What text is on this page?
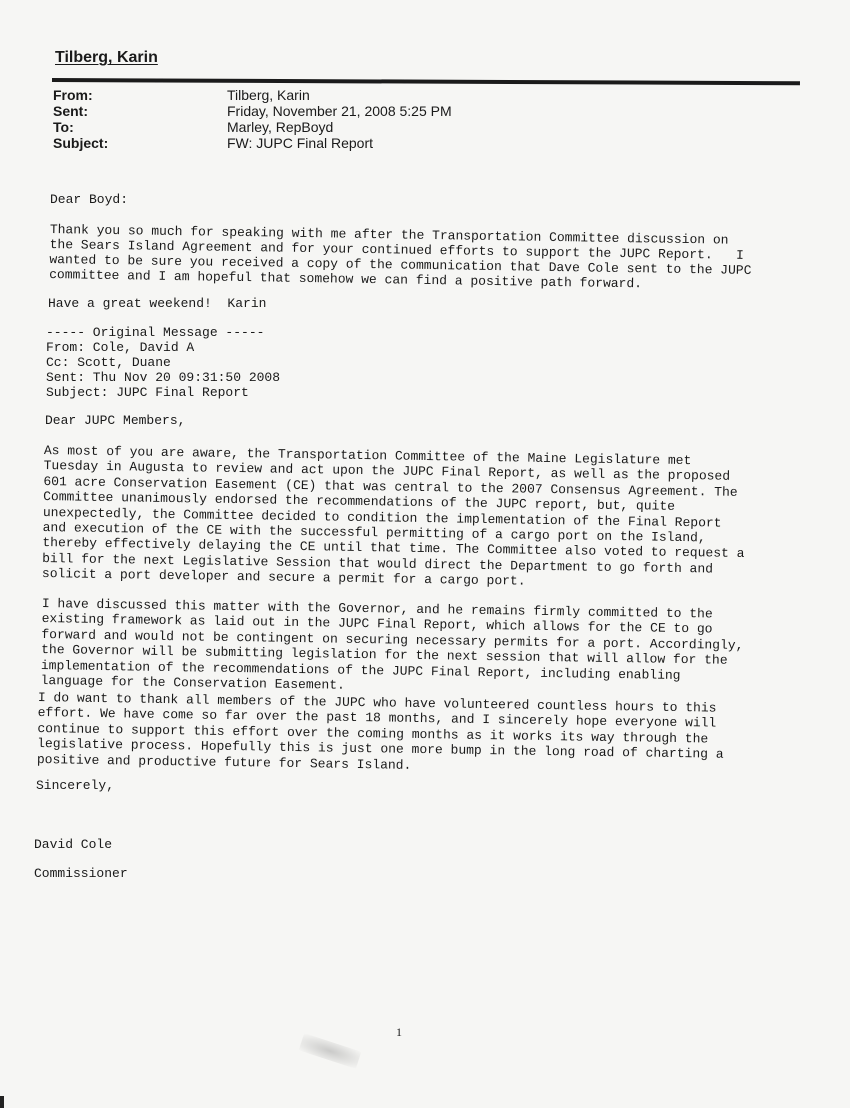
Tilberg, Karin
From:	Tilberg, Karin
Sent:	Friday, November 21, 2008 5:25 PM
To:	Marley, RepBoyd
Subject:	FW: JUPC Final Report
Dear Boyd:
Thank you so much for speaking with me after the Transportation Committee discussion on
the Sears Island Agreement and for your continued efforts to support the JUPC Report.   I
wanted to be sure you received a copy of the communication that Dave Cole sent to the JUPC
committee and I am hopeful that somehow we can find a positive path forward.
Have a great weekend!  Karin
----- Original Message -----
From: Cole, David A
Cc: Scott, Duane
Sent: Thu Nov 20 09:31:50 2008
Subject: JUPC Final Report
Dear JUPC Members,
As most of you are aware, the Transportation Committee of the Maine Legislature met
Tuesday in Augusta to review and act upon the JUPC Final Report, as well as the proposed
601 acre Conservation Easement (CE) that was central to the 2007 Consensus Agreement. The
Committee unanimously endorsed the recommendations of the JUPC report, but, quite
unexpectedly, the Committee decided to condition the implementation of the Final Report
and execution of the CE with the successful permitting of a cargo port on the Island,
thereby effectively delaying the CE until that time. The Committee also voted to request a
bill for the next Legislative Session that would direct the Department to go forth and
solicit a port developer and secure a permit for a cargo port.
I have discussed this matter with the Governor, and he remains firmly committed to the
existing framework as laid out in the JUPC Final Report, which allows for the CE to go
forward and would not be contingent on securing necessary permits for a port. Accordingly,
the Governor will be submitting legislation for the next session that will allow for the
implementation of the recommendations of the JUPC Final Report, including enabling
language for the Conservation Easement.
I do want to thank all members of the JUPC who have volunteered countless hours to this
effort. We have come so far over the past 18 months, and I sincerely hope everyone will
continue to support this effort over the coming months as it works its way through the
legislative process. Hopefully this is just one more bump in the long road of charting a
positive and productive future for Sears Island.
Sincerely,
David Cole
Commissioner
1
